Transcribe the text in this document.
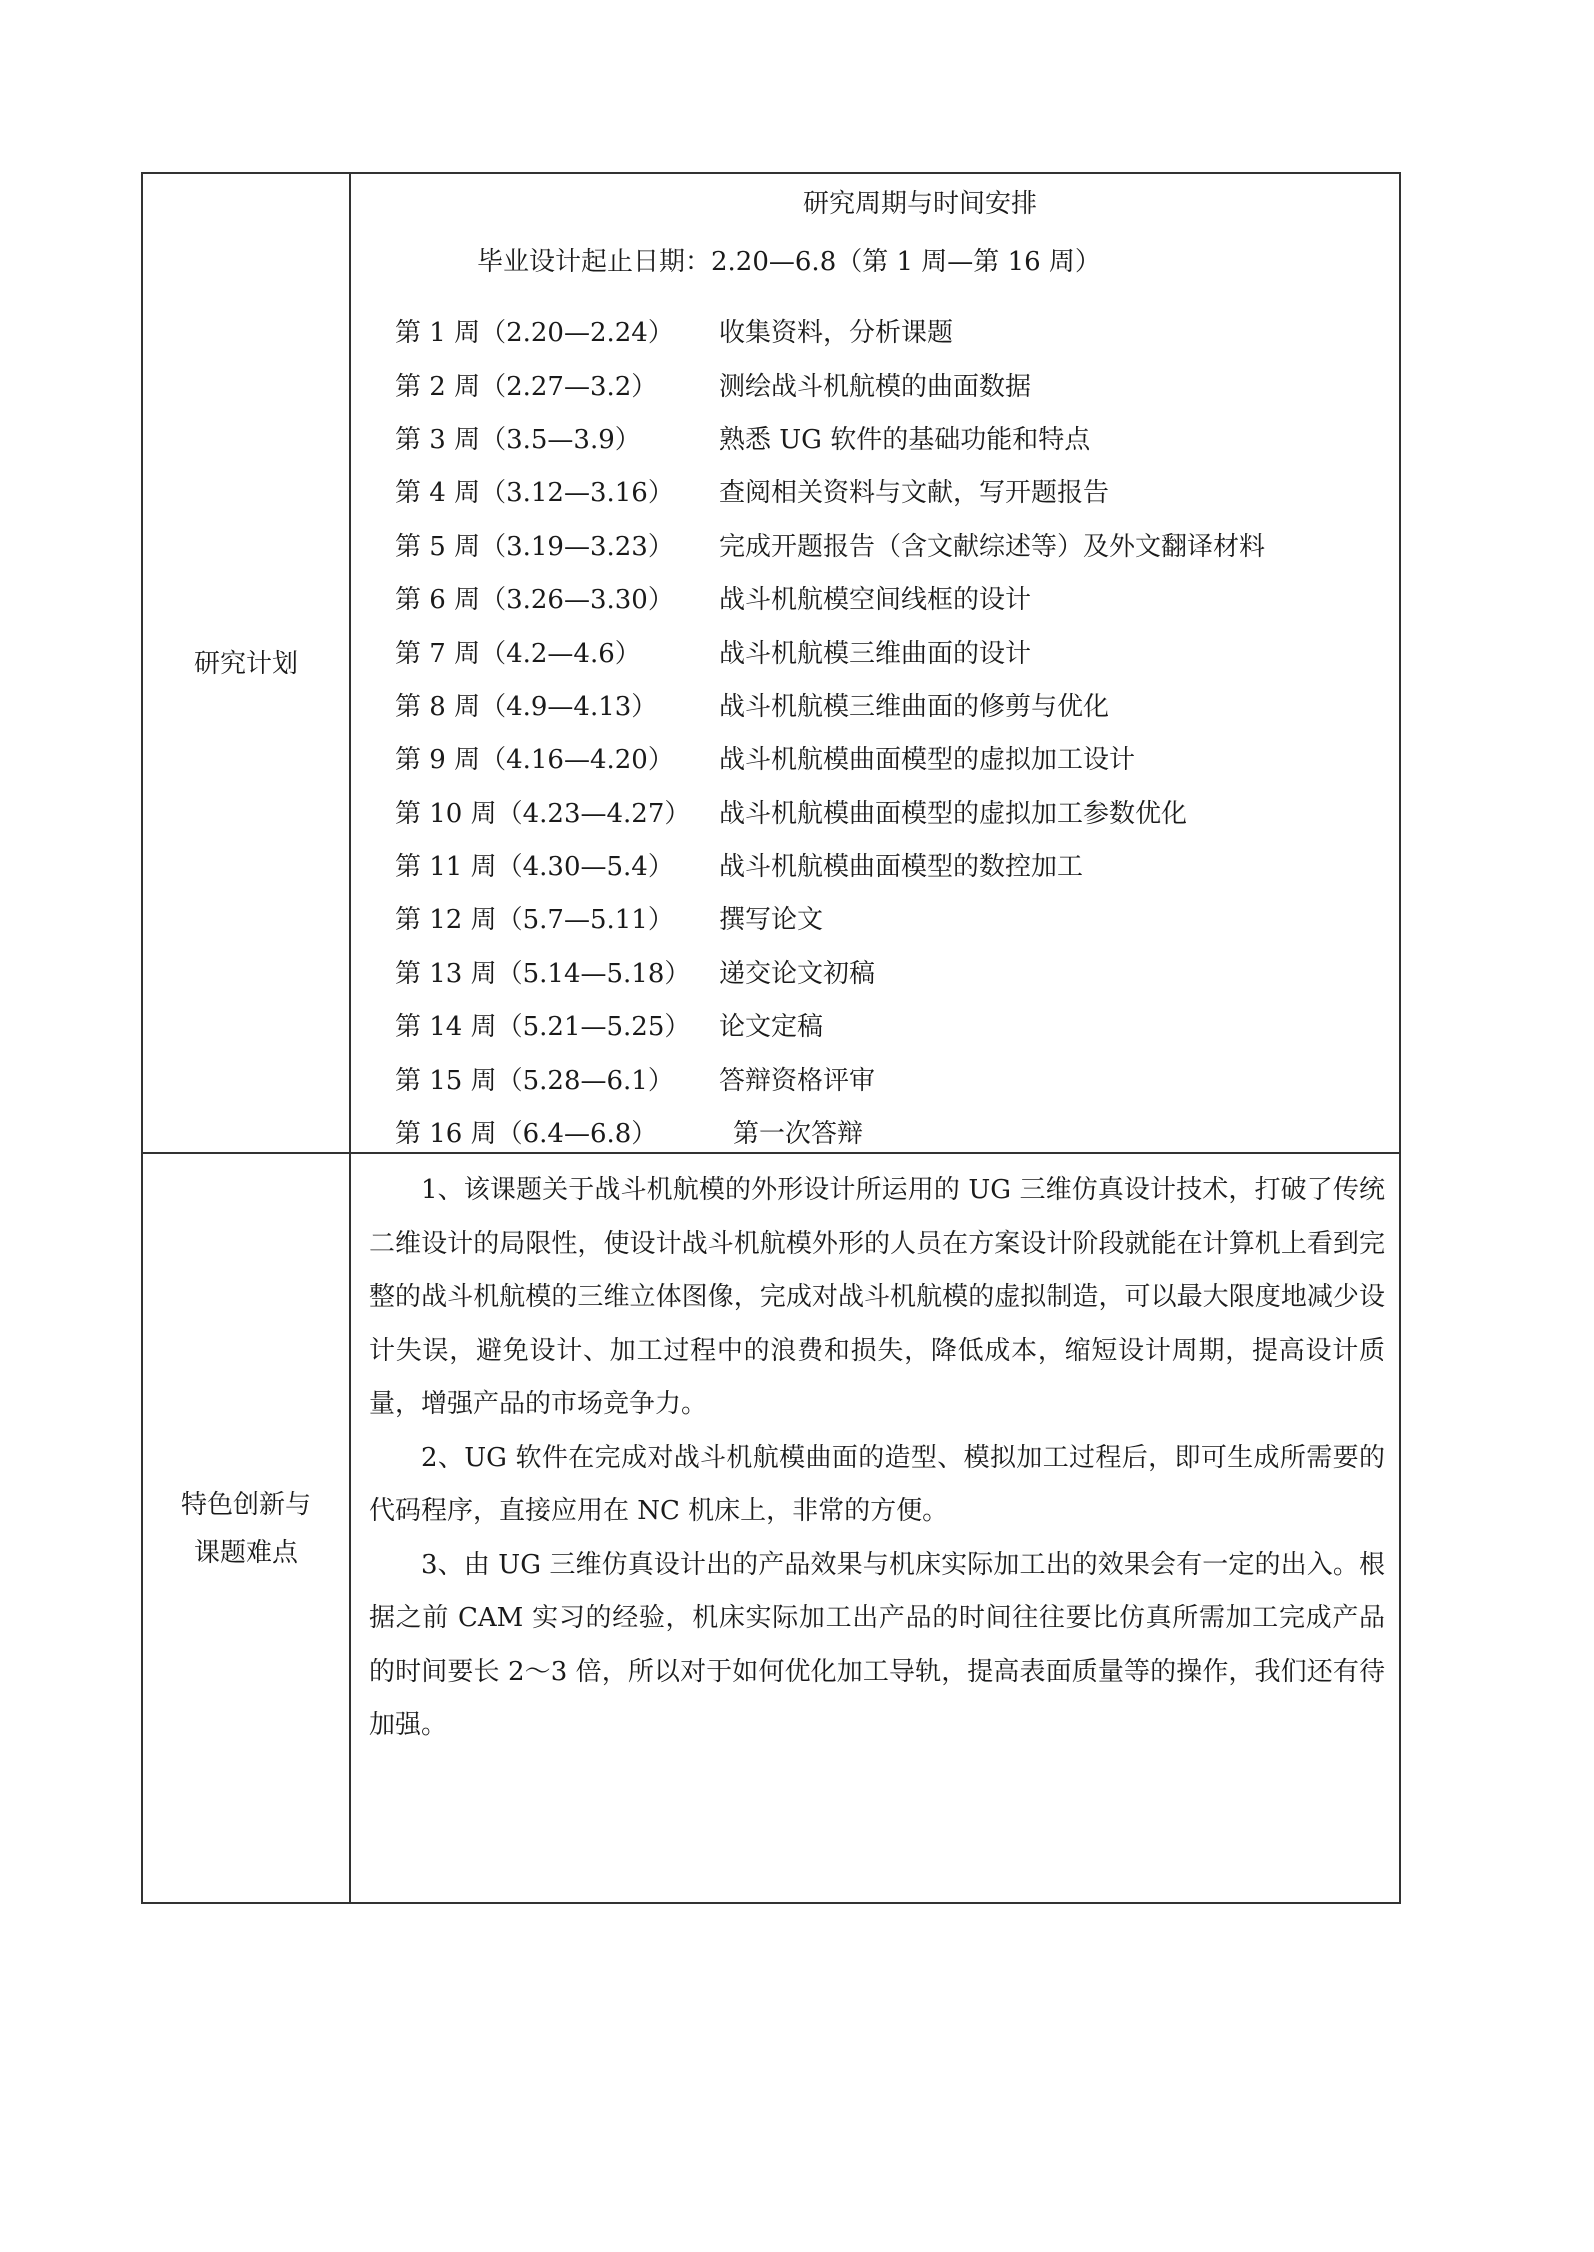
研究计划
研究周期与时间安排
毕业设计起止日期：2.20—6.8（第 1 周—第 16 周）
第 1 周（2.20—2.24）	收集资料，分析课题
第 2 周（2.27—3.2）	测绘战斗机航模的曲面数据
第 3 周（3.5—3.9）	熟悉 UG 软件的基础功能和特点
第 4 周（3.12—3.16）	查阅相关资料与文献，写开题报告
第 5 周（3.19—3.23）	完成开题报告（含文献综述等）及外文翻译材料
第 6 周（3.26—3.30）	战斗机航模空间线框的设计
第 7 周（4.2—4.6）	战斗机航模三维曲面的设计
第 8 周（4.9—4.13）	战斗机航模三维曲面的修剪与优化
第 9 周（4.16—4.20）	战斗机航模曲面模型的虚拟加工设计
第 10 周（4.23—4.27）	战斗机航模曲面模型的虚拟加工参数优化
第 11 周（4.30—5.4）	战斗机航模曲面模型的数控加工
第 12 周（5.7—5.11）	撰写论文
第 13 周（5.14—5.18）	递交论文初稿
第 14 周（5.21—5.25）	论文定稿
第 15 周（5.28—6.1）	答辩资格评审
第 16 周（6.4—6.8）	第一次答辩
特色创新与
课题难点

1、该课题关于战斗机航模的外形设计所运用的 UG 三维仿真设计技术，打破了传统二维设计的局限性，使设计战斗机航模外形的人员在方案设计阶段就能在计算机上看到完整的战斗机航模的三维立体图像，完成对战斗机航模的虚拟制造，可以最大限度地减少设计失误，避免设计、加工过程中的浪费和损失，降低成本，缩短设计周期，提高设计质量，增强产品的市场竞争力。

2、UG 软件在完成对战斗机航模曲面的造型、模拟加工过程后，即可生成所需要的代码程序，直接应用在 NC 机床上，非常的方便。

3、由 UG 三维仿真设计出的产品效果与机床实际加工出的效果会有一定的出入。根据之前 CAM 实习的经验，机床实际加工出产品的时间往往要比仿真所需加工完成产品的时间要长 2～3 倍，所以对于如何优化加工导轨，提高表面质量等的操作，我们还有待加强。
